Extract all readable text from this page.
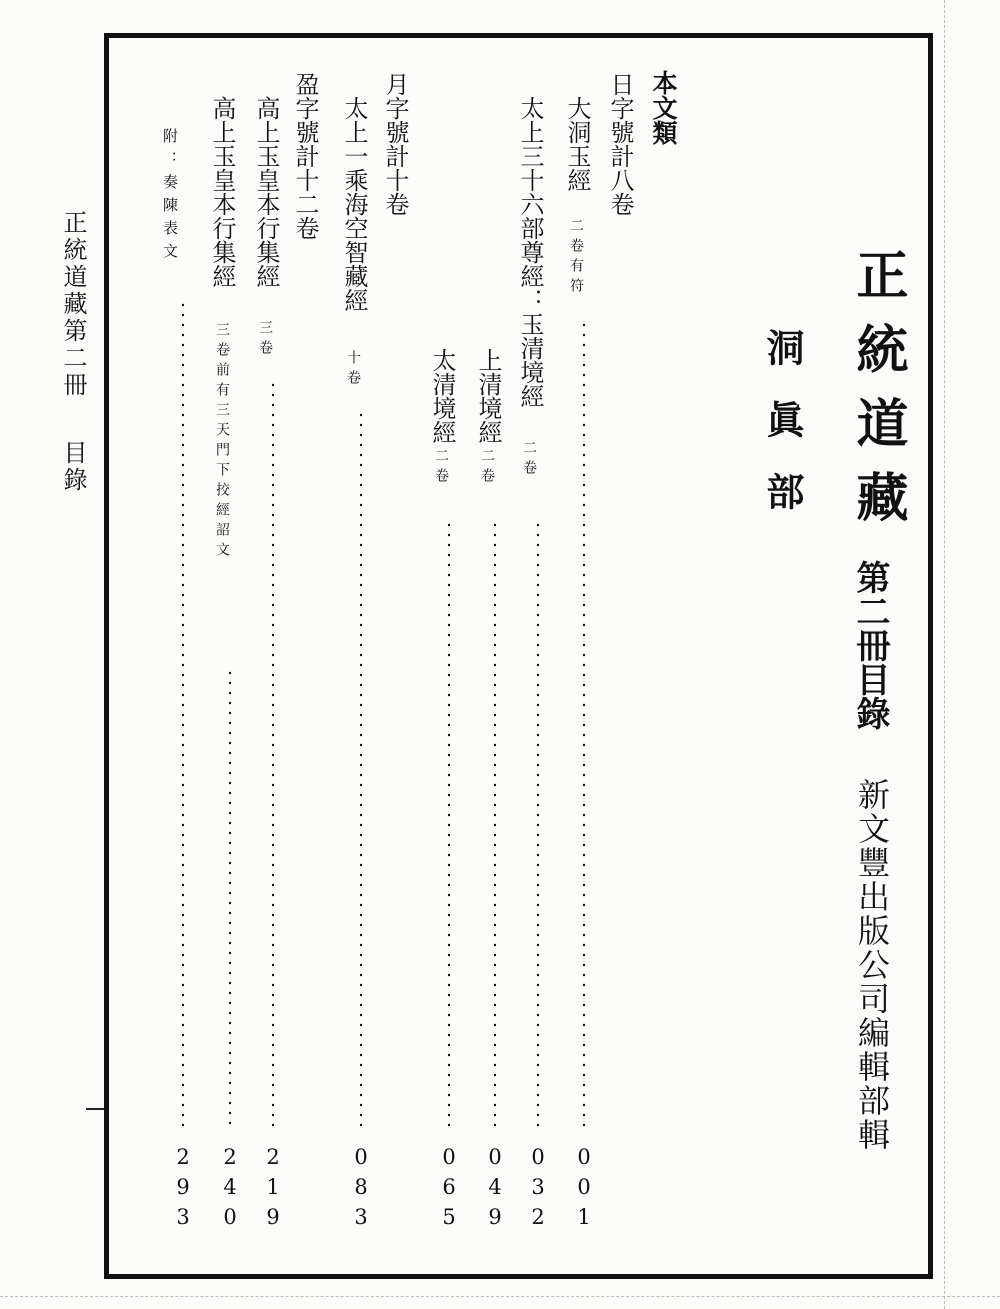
正統道藏第二冊
目錄	正統道藏
第二冊目錄
新文豐出版公司編輯部輯
洞眞部
本文類
日字號計八卷
月字號計十卷
盈字號計十二卷	大洞玉經
二卷有符
0
0
1
太上三十六部尊經：玉清境經
二卷
0
3
2
上清境經
二卷
0
4
9
太清境經
二卷
0
6
5
太上一乘海空智藏經
十卷
0
8
3
高上玉皇本行集經
三卷
2
1
9
高上玉皇本行集經
三卷前有三天門下挍經詔文
2
4
0
附：奏陳表文
2
9
3
